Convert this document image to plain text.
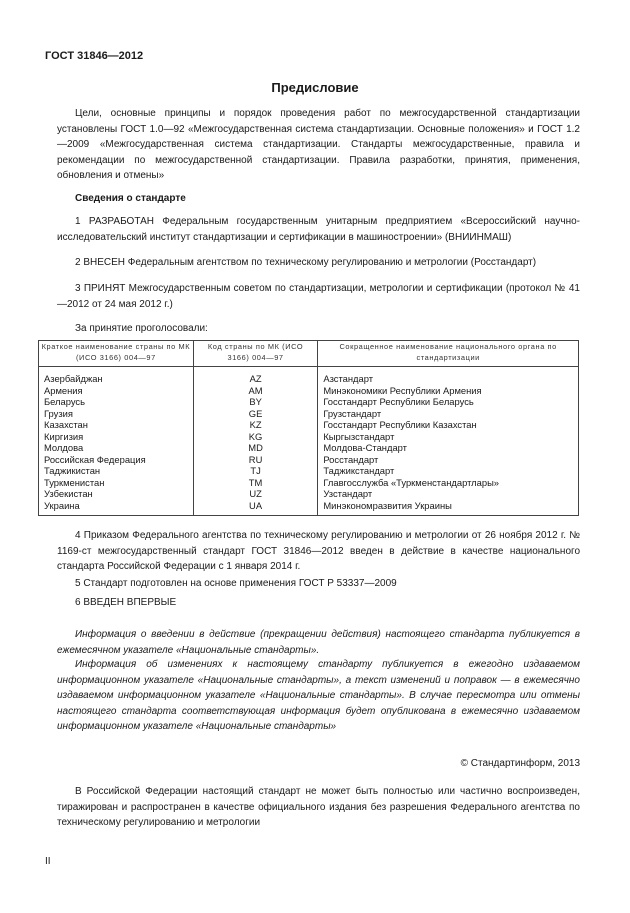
ГОСТ 31846—2012
Предисловие
Цели, основные принципы и порядок проведения работ по межгосударственной стандартизации установлены ГОСТ 1.0—92 «Межгосударственная система стандартизации. Основные положения» и ГОСТ 1.2—2009 «Межгосударственная система стандартизации. Стандарты межгосударственные, правила и рекомендации по межгосударственной стандартизации. Правила разработки, принятия, применения, обновления и отмены»
Сведения о стандарте
1 РАЗРАБОТАН Федеральным государственным унитарным предприятием «Всероссийский научно-исследовательский институт стандартизации и сертификации в машиностроении» (ВНИИНМАШ)
2 ВНЕСЕН Федеральным агентством по техническому регулированию и метрологии (Росстандарт)
3 ПРИНЯТ Межгосударственным советом по стандартизации, метрологии и сертификации (протокол № 41—2012 от 24 мая 2012 г.)
За принятие проголосовали:
Краткое наименование страны по МК (ИСО 3166) 004—97	Код страны по МК (ИСО 3166) 004—97	Сокращенное наименование национального органа по стандартизации
Азербайджан	AZ	Азстандарт
Армения	AM	Минэкономики Республики Армения
Беларусь	BY	Госстандарт Республики Беларусь
Грузия	GE	Грузстандарт
Казахстан	KZ	Госстандарт Республики Казахстан
Киргизия	KG	Кыргызстандарт
Молдова	MD	Молдова-Стандарт
Российская Федерация	RU	Росстандарт
Таджикистан	TJ	Таджикстандарт
Туркменистан	TM	Главгосслужба «Туркменстандартлары»
Узбекистан	UZ	Узстандарт
Украина	UA	Минэкономразвития Украины
4 Приказом Федерального агентства по техническому регулированию и метрологии от 26 ноября 2012 г. № 1169-ст межгосударственный стандарт ГОСТ 31846—2012 введен в действие в качестве национального стандарта Российской Федерации с 1 января 2014 г.
5 Стандарт подготовлен на основе применения ГОСТ Р 53337—2009
6 ВВЕДЕН ВПЕРВЫЕ
Информация о введении в действие (прекращении действия) настоящего стандарта публикуется в ежемесячном указателе «Национальные стандарты».
Информация об изменениях к настоящему стандарту публикуется в ежегодно издаваемом информационном указателе «Национальные стандарты», а текст изменений и поправок — в ежемесячно издаваемом информационном указателе «Национальные стандарты». В случае пересмотра или отмены настоящего стандарта соответствующая информация будет опубликована в ежемесячно издаваемом информационном указателе «Национальные стандарты»
© Стандартинформ, 2013
В Российской Федерации настоящий стандарт не может быть полностью или частично воспроизведен, тиражирован и распространен в качестве официального издания без разрешения Федерального агентства по техническому регулированию и метрологии
II
